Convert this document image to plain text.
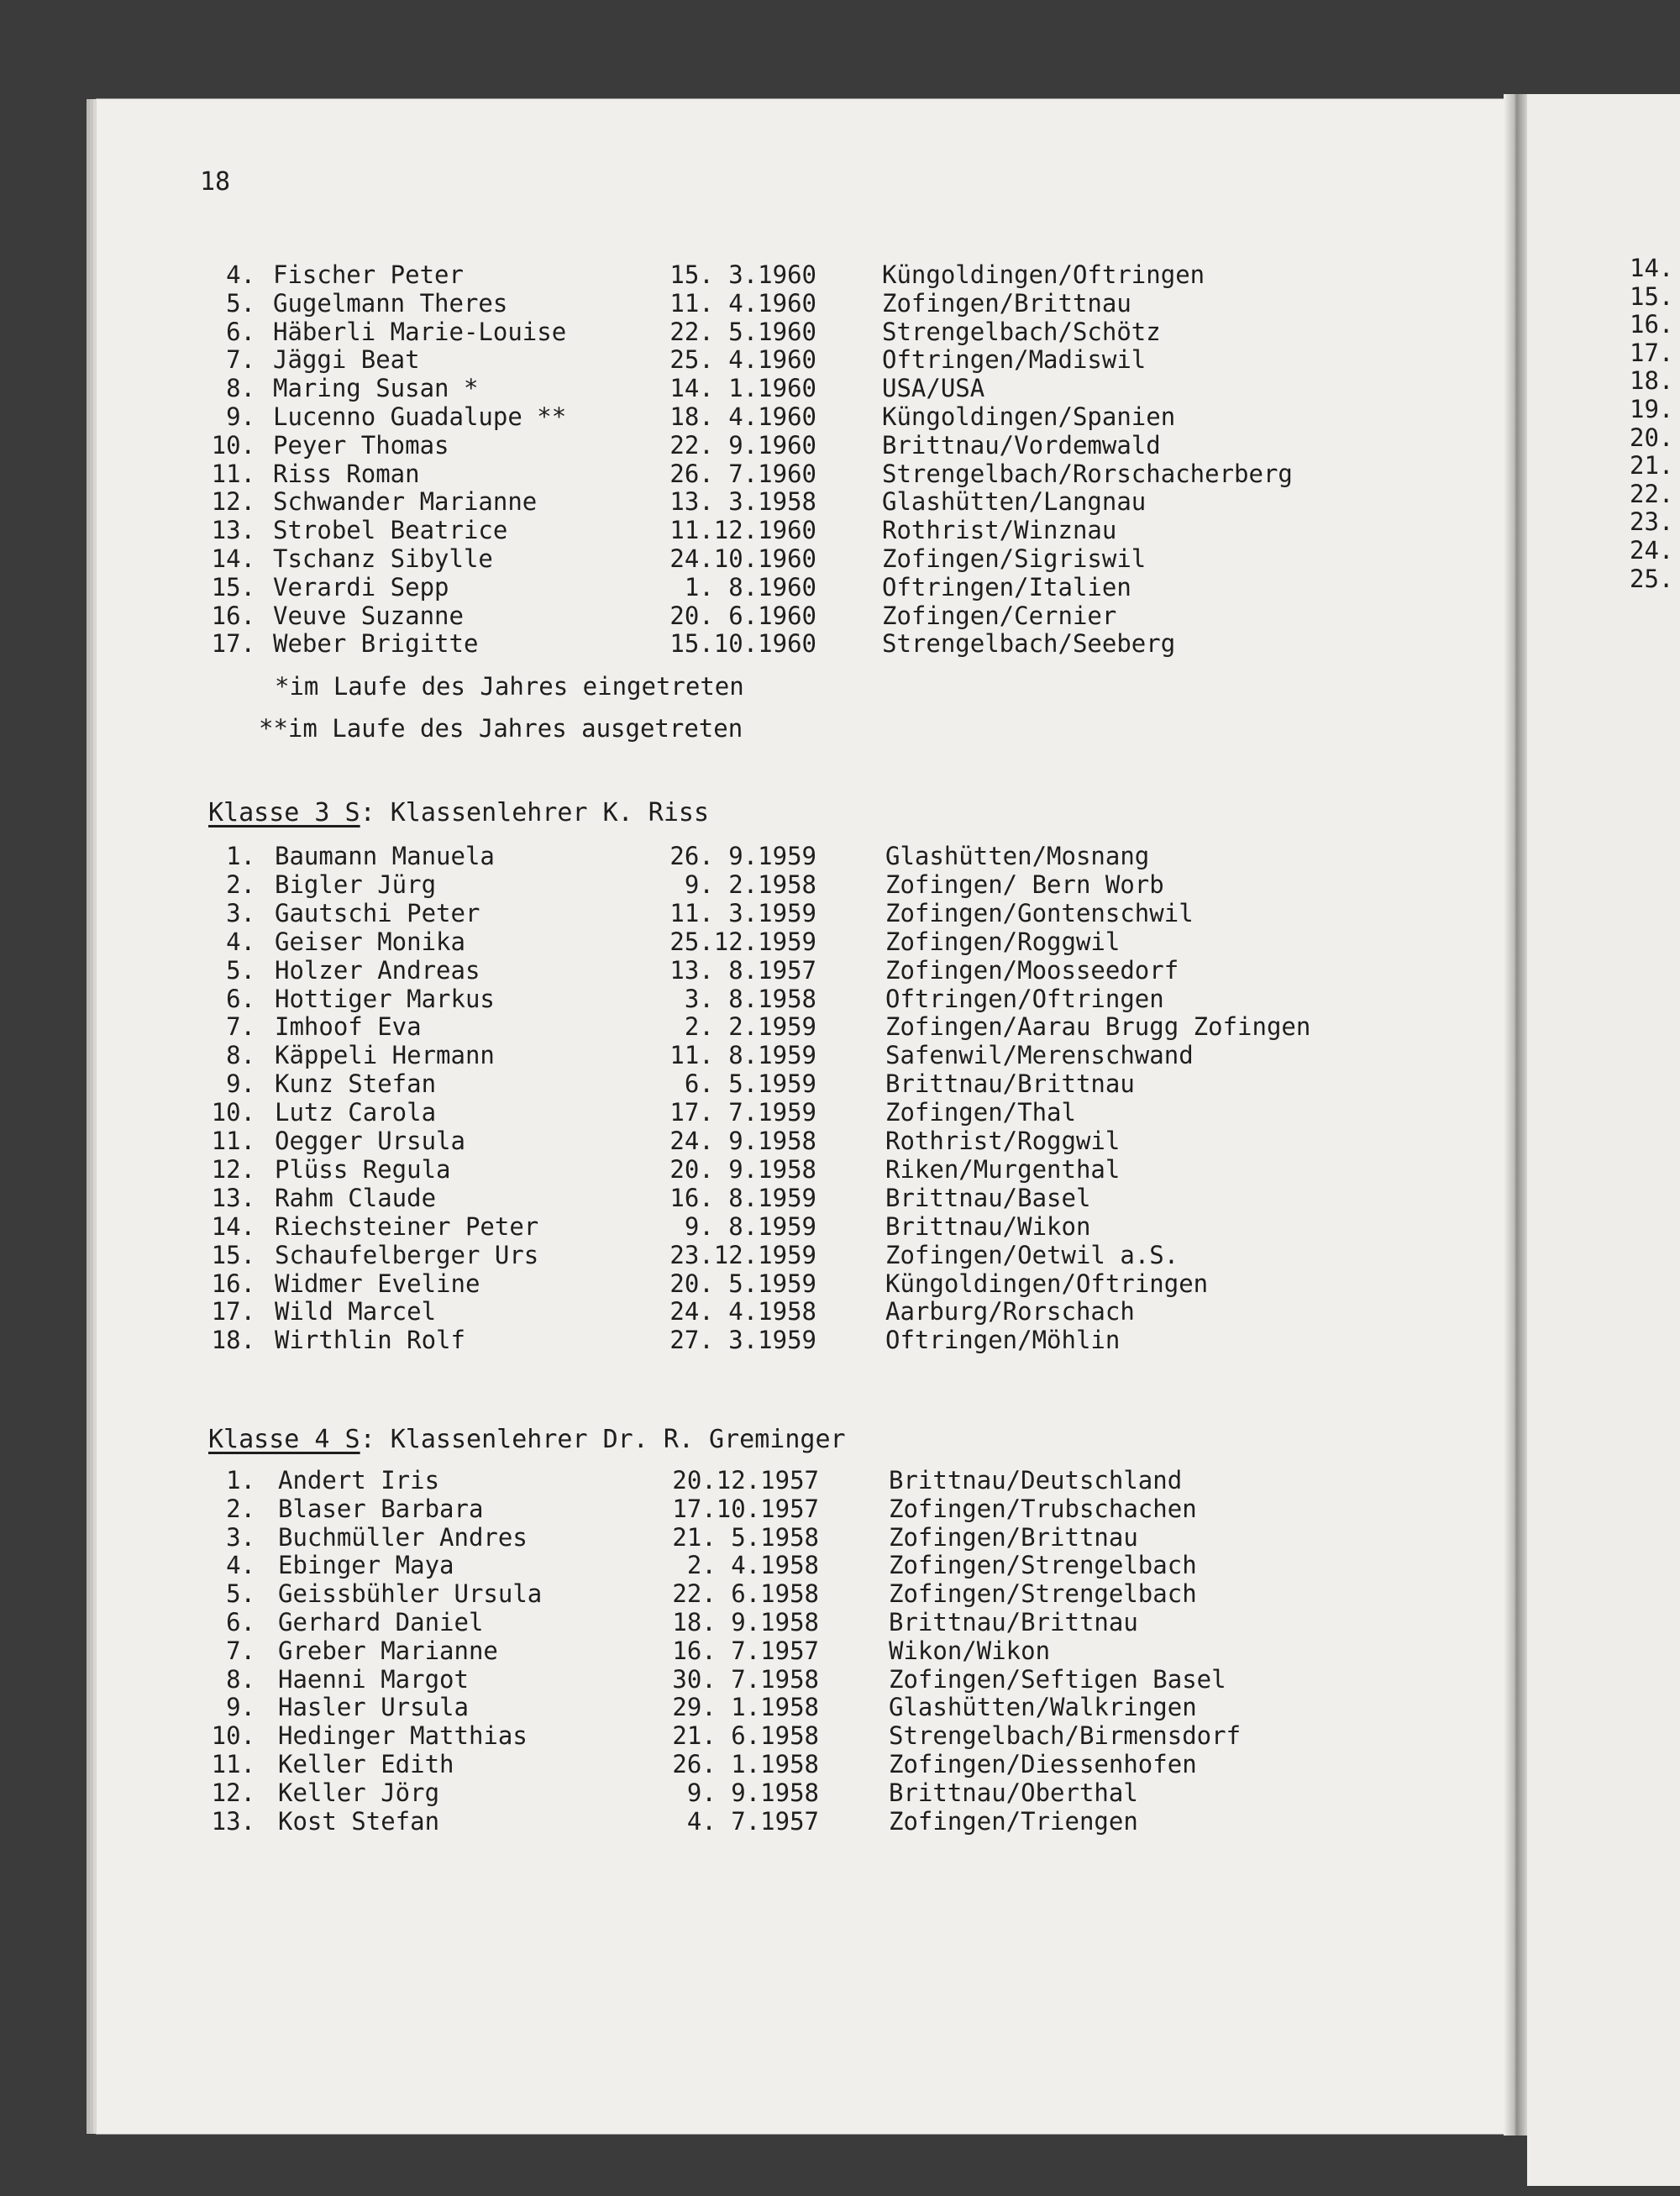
18
4. Fischer Peter	15. 3.1960	Küngoldingen/Oftringen
5. Gugelmann Theres	11. 4.1960	Zofingen/Brittnau
6. Häberli Marie-Louise	22. 5.1960	Strengelbach/Schötz
7. Jäggi Beat	25. 4.1960	Oftringen/Madiswil
8. Maring Susan *	14. 1.1960	USA/USA
9. Lucenno Guadalupe **	18. 4.1960	Küngoldingen/Spanien
10. Peyer Thomas	22. 9.1960	Brittnau/Vordemwald
11. Riss Roman	26. 7.1960	Strengelbach/Rorschacherberg
12. Schwander Marianne	13. 3.1958	Glashütten/Langnau
13. Strobel Beatrice	11.12.1960	Rothrist/Winznau
14. Tschanz Sibylle	24.10.1960	Zofingen/Sigriswil
15. Verardi Sepp	1. 8.1960	Oftringen/Italien
16. Veuve Suzanne	20. 6.1960	Zofingen/Cernier
17. Weber Brigitte	15.10.1960	Strengelbach/Seeberg
*im Laufe des Jahres eingetreten
**im Laufe des Jahres ausgetreten
Klasse 3 S: Klassenlehrer K. Riss
1. Baumann Manuela	26. 9.1959	Glashütten/Mosnang
2. Bigler Jürg	9. 2.1958	Zofingen/ Bern Worb
3. Gautschi Peter	11. 3.1959	Zofingen/Gontenschwil
4. Geiser Monika	25.12.1959	Zofingen/Roggwil
5. Holzer Andreas	13. 8.1957	Zofingen/Moosseedorf
6. Hottiger Markus	3. 8.1958	Oftringen/Oftringen
7. Imhoof Eva	2. 2.1959	Zofingen/Aarau Brugg Zofingen
8. Käppeli Hermann	11. 8.1959	Safenwil/Merenschwand
9. Kunz Stefan	6. 5.1959	Brittnau/Brittnau
10. Lutz Carola	17. 7.1959	Zofingen/Thal
11. Oegger Ursula	24. 9.1958	Rothrist/Roggwil
12. Plüss Regula	20. 9.1958	Riken/Murgenthal
13. Rahm Claude	16. 8.1959	Brittnau/Basel
14. Riechsteiner Peter	9. 8.1959	Brittnau/Wikon
15. Schaufelberger Urs	23.12.1959	Zofingen/Oetwil a.S.
16. Widmer Eveline	20. 5.1959	Küngoldingen/Oftringen
17. Wild Marcel	24. 4.1958	Aarburg/Rorschach
18. Wirthlin Rolf	27. 3.1959	Oftringen/Möhlin
Klasse 4 S: Klassenlehrer Dr. R. Greminger
1. Andert Iris	20.12.1957	Brittnau/Deutschland
2. Blaser Barbara	17.10.1957	Zofingen/Trubschachen
3. Buchmüller Andres	21. 5.1958	Zofingen/Brittnau
4. Ebinger Maya	2. 4.1958	Zofingen/Strengelbach
5. Geissbühler Ursula	22. 6.1958	Zofingen/Strengelbach
6. Gerhard Daniel	18. 9.1958	Brittnau/Brittnau
7. Greber Marianne	16. 7.1957	Wikon/Wikon
8. Haenni Margot	30. 7.1958	Zofingen/Seftigen Basel
9. Hasler Ursula	29. 1.1958	Glashütten/Walkringen
10. Hedinger Matthias	21. 6.1958	Strengelbach/Birmensdorf
11. Keller Edith	26. 1.1958	Zofingen/Diessenhofen
12. Keller Jörg	9. 9.1958	Brittnau/Oberthal
13. Kost Stefan	4. 7.1957	Zofingen/Triengen
14.
15.
16.
17.
18.
19.
20.
21.
22.
23.
24.
25.
